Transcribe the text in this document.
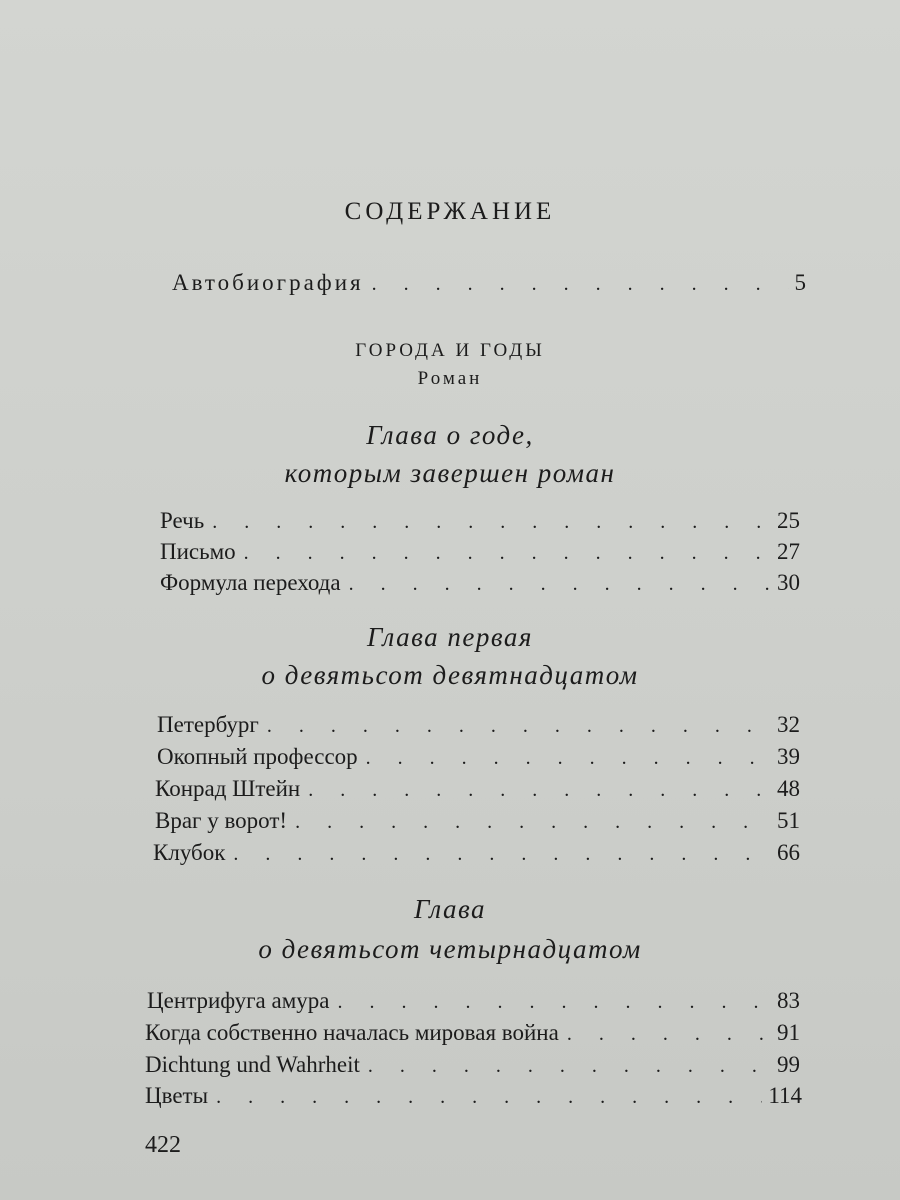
СОДЕРЖАНИЕ
Автобиография . . .	5
ГОРОДА И ГОДЫ
Роман
Глава о годе,
которым завершен роман
Речь . . .	25
Письмо . . .	27
Формула перехода . . .	30
Глава первая
о девятьсот девятнадцатом
Петербург . . .	32
Окопный профессор . . .	39
Конрад Штейн . . .	48
Враг у ворот! . . .	51
Клубок . . .	66
Глава
о девятьсот четырнадцатом
Центрифуга амура . . .	83
Когда собственно началась мировая война . . .	91
Dichtung und Wahrheit . . .	99
Цветы . . .	114
422
